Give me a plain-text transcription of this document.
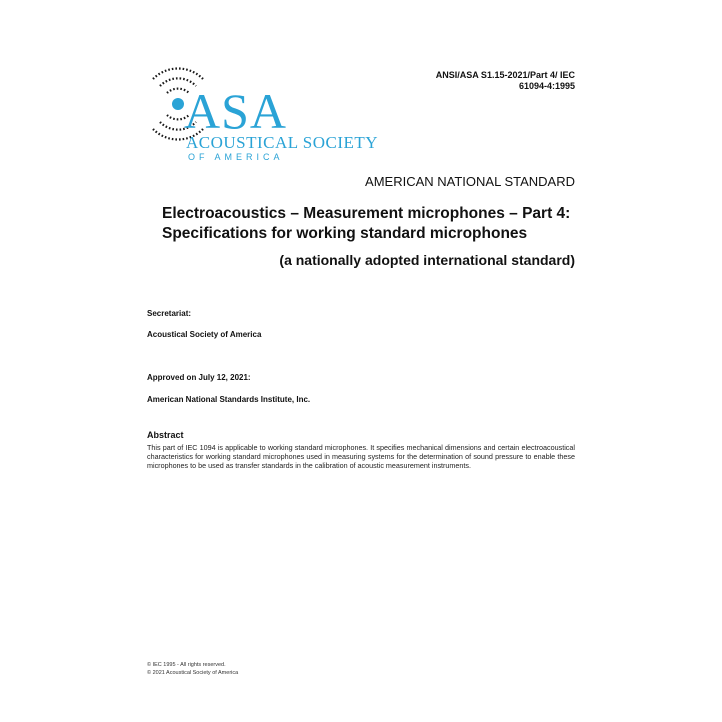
ASA
ACOUSTICAL SOCIETY
OF AMERICA
ANSI/ASA S1.15-2021/Part 4/ IEC
61094-4:1995
AMERICAN NATIONAL STANDARD
Electroacoustics – Measurement microphones – Part 4: Specifications for working standard microphones
(a nationally adopted international standard)
Secretariat:
Acoustical Society of America
Approved on July 12, 2021:
American National Standards Institute, Inc.
Abstract
This part of IEC 1094 is applicable to working standard microphones. It specifies mechanical dimensions and certain electroacoustical characteristics for working standard microphones used in measuring systems for the determination of sound pressure to enable these microphones to be used as transfer standards in the calibration of acoustic measurement instruments.
© IEC 1995 - All rights reserved.
© 2021 Acoustical Society of America
